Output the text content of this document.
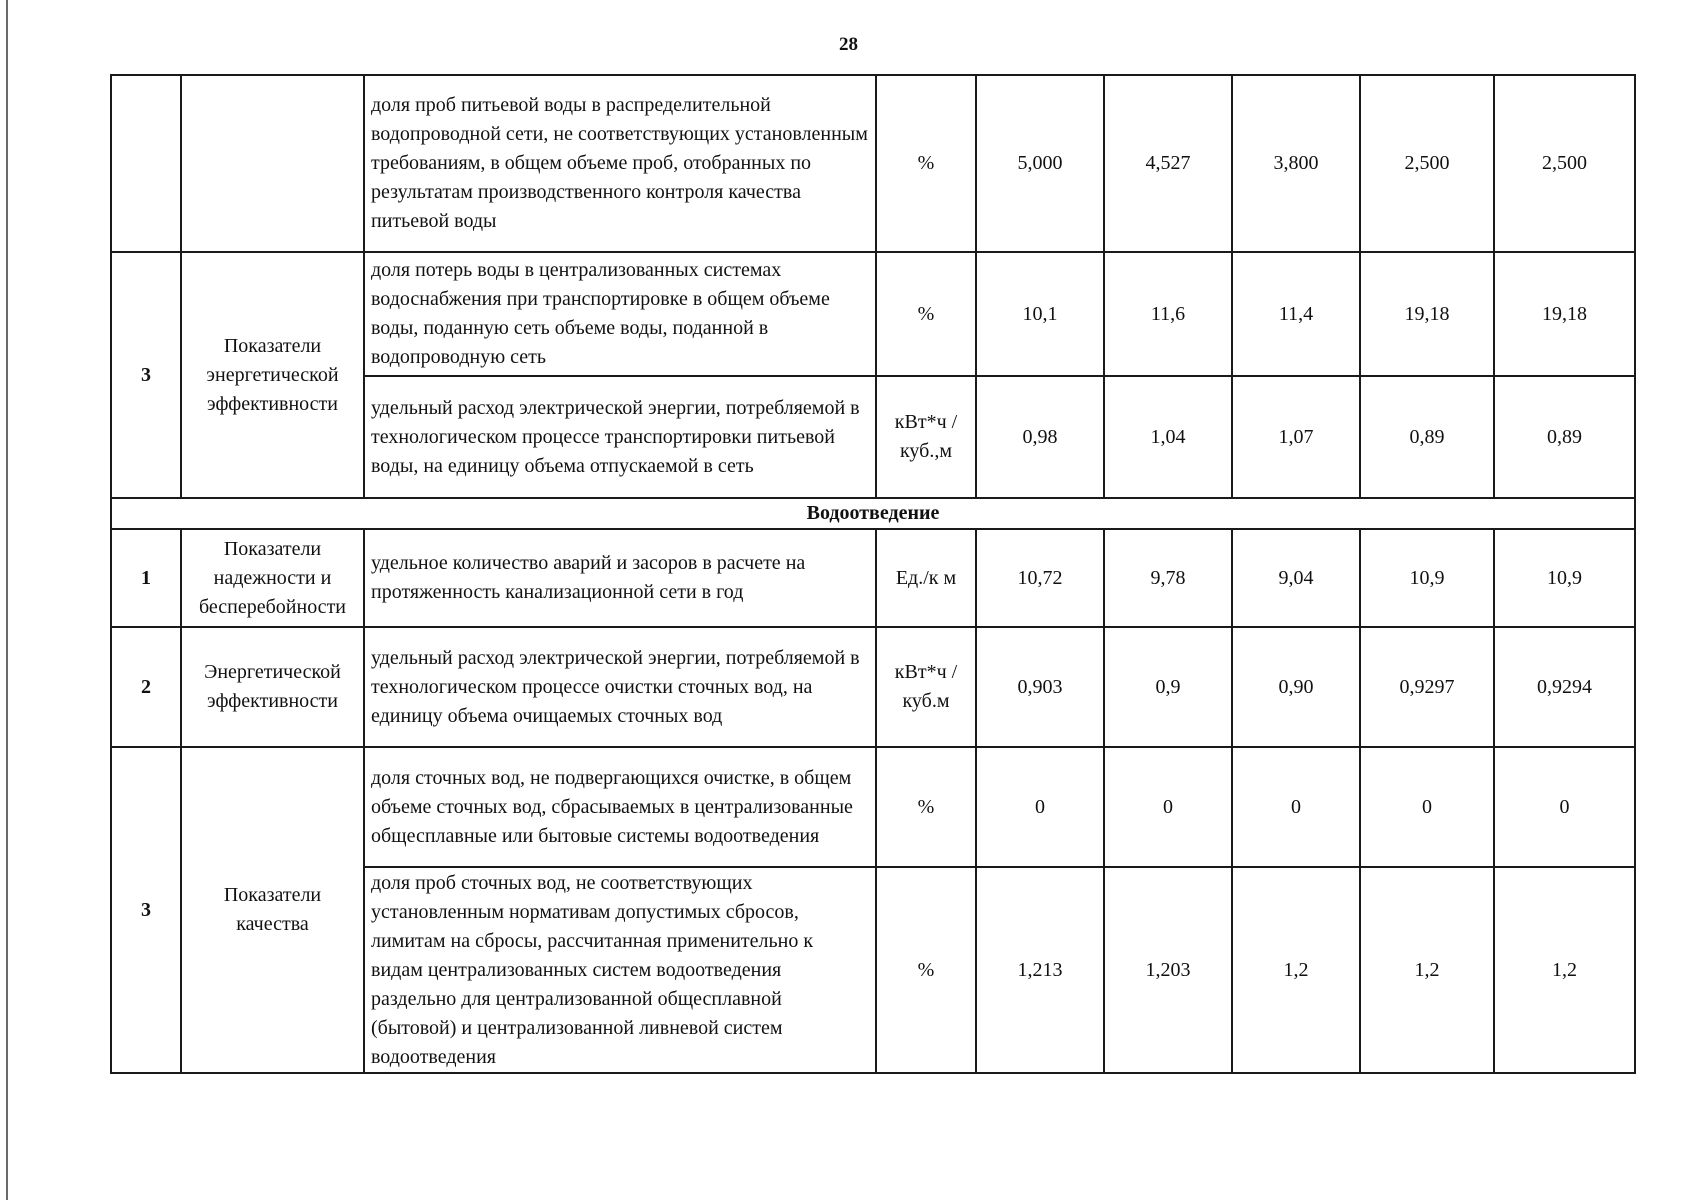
28
		доля проб питьевой воды в распределительной водопроводной сети, не соответствующих установленным требованиям, в общем объеме проб, отобранных по результатам производственного контроля качества питьевой воды	%	5,000	4,527	3,800	2,500	2,500
3	Показатели энергетической эффективности	доля потерь воды в централизованных системах водоснабжения при транспортировке в общем объеме воды, поданную сеть объеме воды, поданной в водопроводную сеть	%	10,1	11,6	11,4	19,18	19,18
		удельный расход электрической энергии, потребляемой в технологическом процессе транспортировки питьевой воды, на единицу объема отпускаемой в сеть	кВт*ч /куб.,м	0,98	1,04	1,07	0,89	0,89
Водоотведение								
1	Показатели надежности и бесперебойности	удельное количество аварий и засоров в расчете на протяженность канализационной сети в год	Ед./к м	10,72	9,78	9,04	10,9	10,9
2	Энергетической эффективности	удельный расход электрической энергии, потребляемой в технологическом процессе очистки сточных вод, на единицу объема очищаемых сточных вод	кВт*ч /куб.м	0,903	0,9	0,90	0,9297	0,9294
3	Показатели качества	доля сточных вод, не подвергающихся очистке, в общем объеме сточных вод, сбрасываемых в централизованные общесплавные или бытовые системы водоотведения	%	0	0	0	0	0
		доля проб сточных вод, не соответствующих установленным нормативам допустимых сбросов, лимитам на сбросы, рассчитанная применительно к видам централизованных систем водоотведения раздельно для централизованной общесплавной (бытовой) и централизованной ливневой систем водоотведения	%	1,213	1,203	1,2	1,2	1,2
